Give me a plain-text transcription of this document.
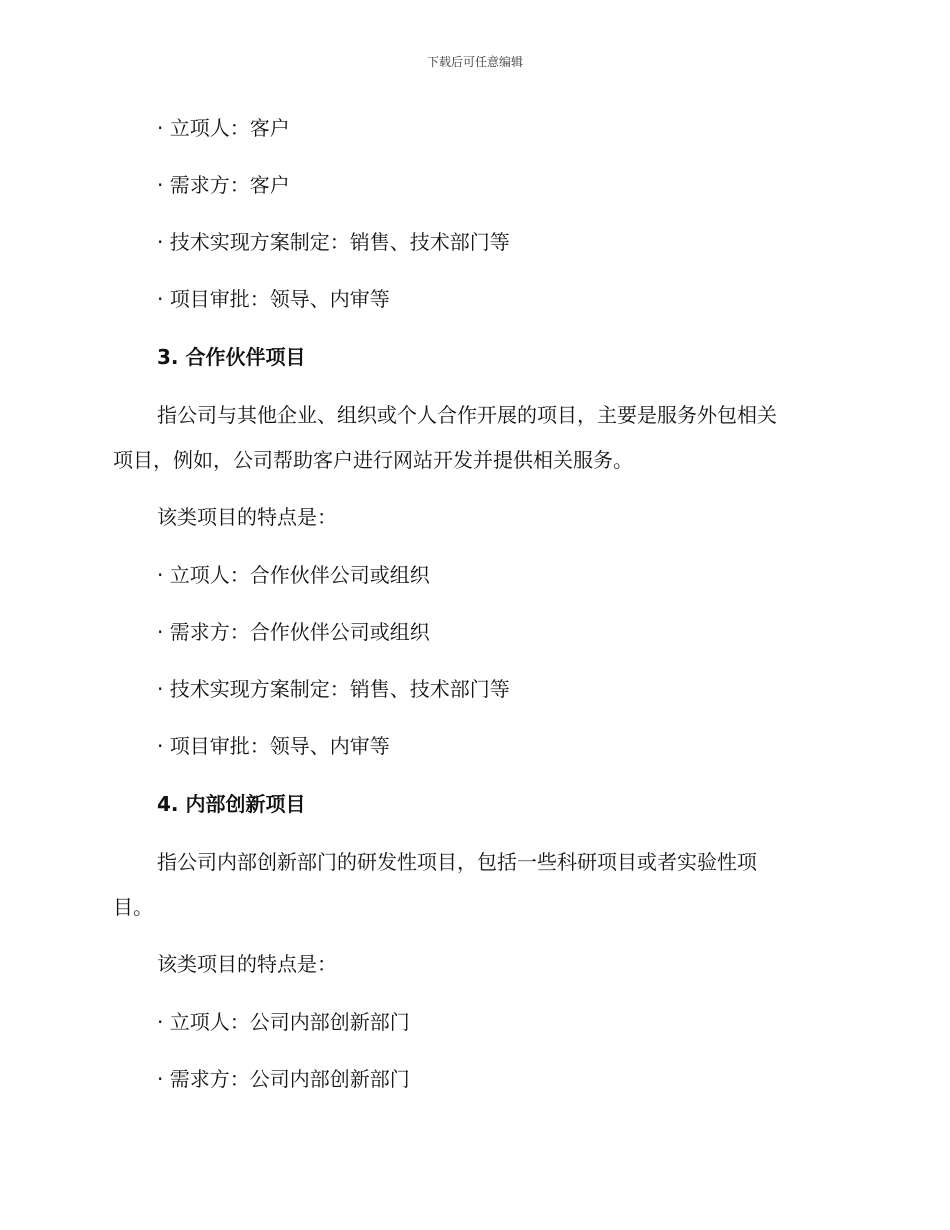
下载后可任意编辑
· 立项人：客户
· 需求方：客户
· 技术实现方案制定：销售、技术部门等
· 项目审批：领导、内审等
3. 合作伙伴项目
指公司与其他企业、组织或个人合作开展的项目，主要是服务外包相关
项目，例如，公司帮助客户进行网站开发并提供相关服务。
该类项目的特点是：
· 立项人：合作伙伴公司或组织
· 需求方：合作伙伴公司或组织
· 技术实现方案制定：销售、技术部门等
· 项目审批：领导、内审等
4. 内部创新项目
指公司内部创新部门的研发性项目，包括一些科研项目或者实验性项
目。
该类项目的特点是：
· 立项人：公司内部创新部门
· 需求方：公司内部创新部门
